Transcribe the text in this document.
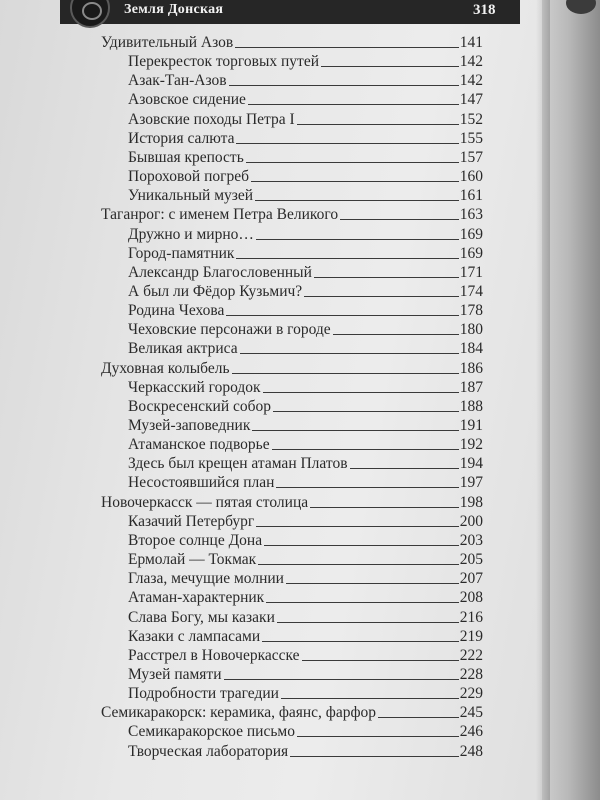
Земля Донская	318
Удивительный Азов	141
Перекресток торговых путей	142
Азак-Тан-Азов	142
Азовское сидение	147
Азовские походы Петра I	152
История салюта	155
Бывшая крепость	157
Пороховой погреб	160
Уникальный музей	161
Таганрог: с именем Петра Великого	163
Дружно и мирно…	169
Город-памятник	169
Александр Благословенный	171
А был ли Фёдор Кузьмич?	174
Родина Чехова	178
Чеховские персонажи в городе	180
Великая актриса	184
Духовная колыбель	186
Черкасский городок	187
Воскресенский собор	188
Музей-заповедник	191
Атаманское подворье	192
Здесь был крещен атаман Платов	194
Несостоявшийся план	197
Новочеркасск — пятая столица	198
Казачий Петербург	200
Второе солнце Дона	203
Ермолай — Токмак	205
Глаза, мечущие молнии	207
Атаман-характерник	208
Слава Богу, мы казаки	216
Казаки с лампасами	219
Расстрел в Новочеркасске	222
Музей памяти	228
Подробности трагедии	229
Семикаракорск: керамика, фаянс, фарфор	245
Семикаракорское письмо	246
Творческая лаборатория	248
